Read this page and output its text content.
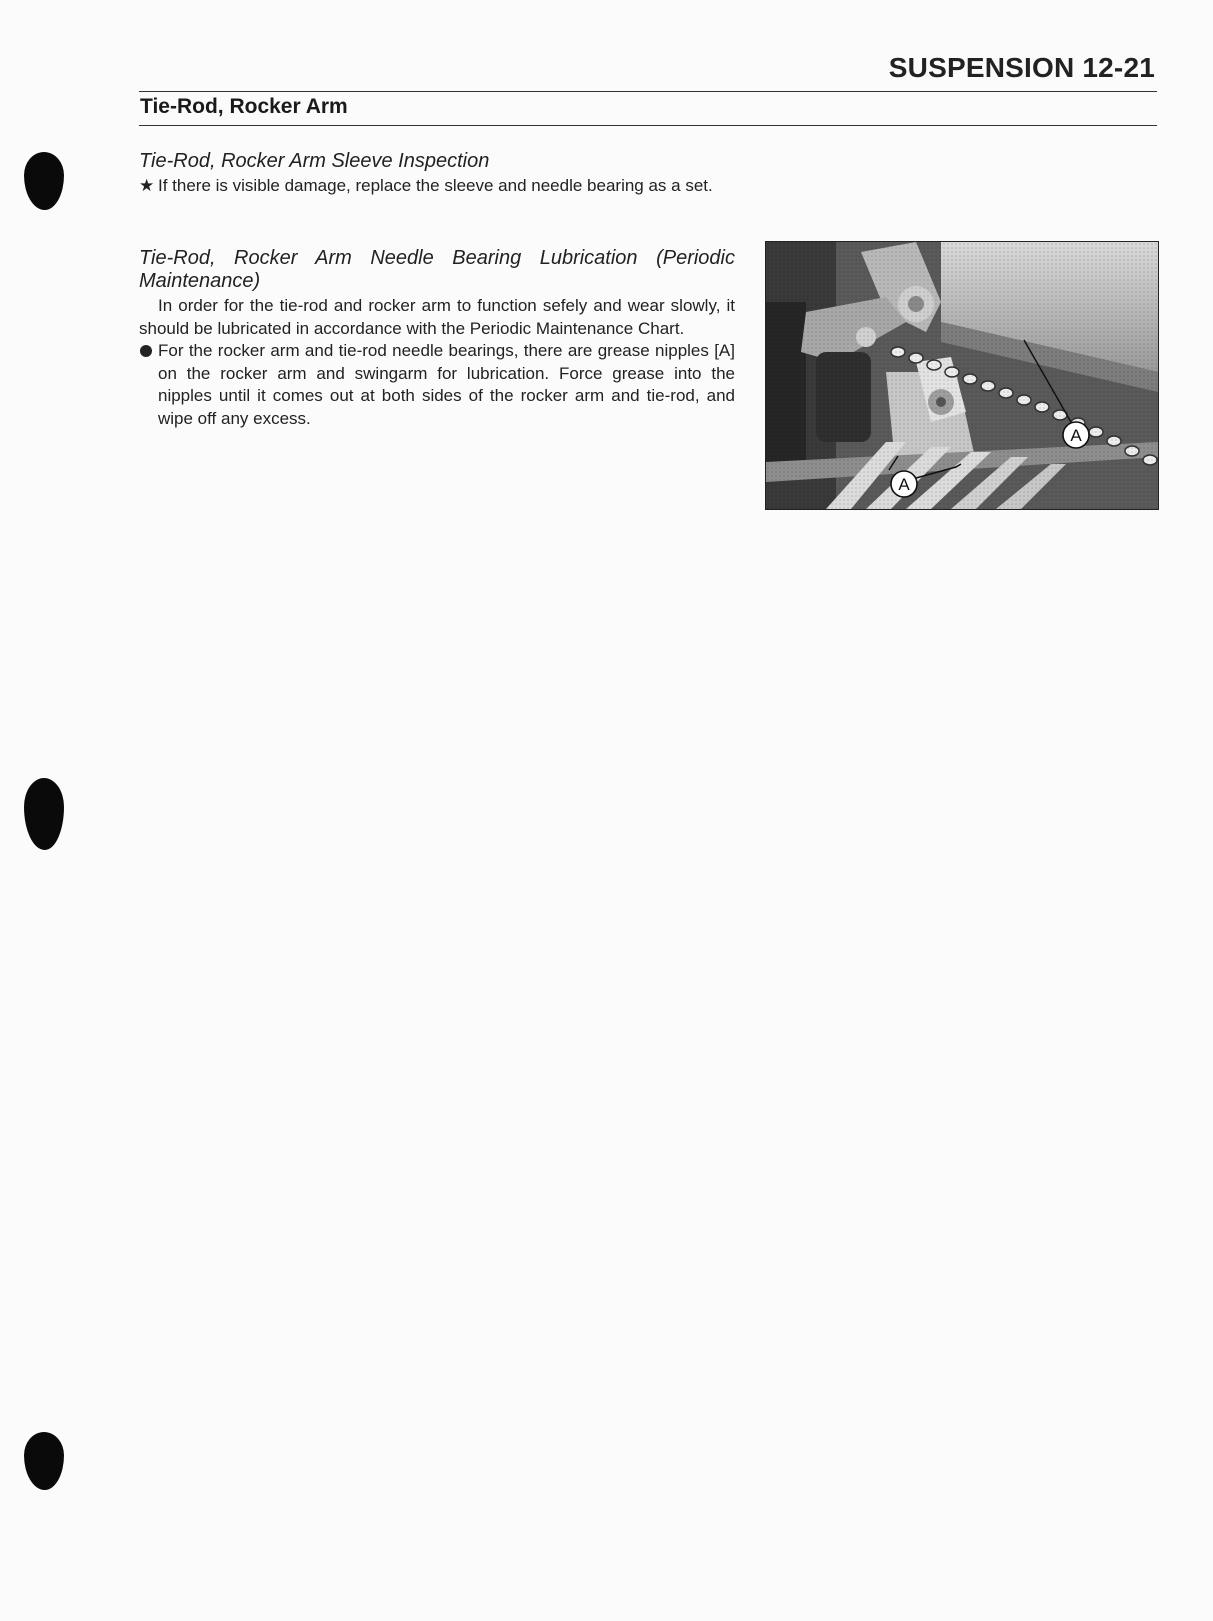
SUSPENSION 12-21
Tie-Rod, Rocker Arm

Tie-Rod, Rocker Arm Sleeve Inspection

★ If there is visible damage, replace the sleeve and needle bearing as a set.

Tie-Rod, Rocker Arm Needle Bearing Lubrication (Periodic Maintenance)

In order for the tie-rod and rocker arm to function sefely and wear slowly, it should be lubricated in accordance with the Periodic Maintenance Chart.

For the rocker arm and tie-rod needle bearings, there are grease nipples [A] on the rocker arm and swingarm for lubrication. Force grease into the nipples until it comes out at both sides of the rocker arm and tie-rod, and wipe off any excess.

A
A
